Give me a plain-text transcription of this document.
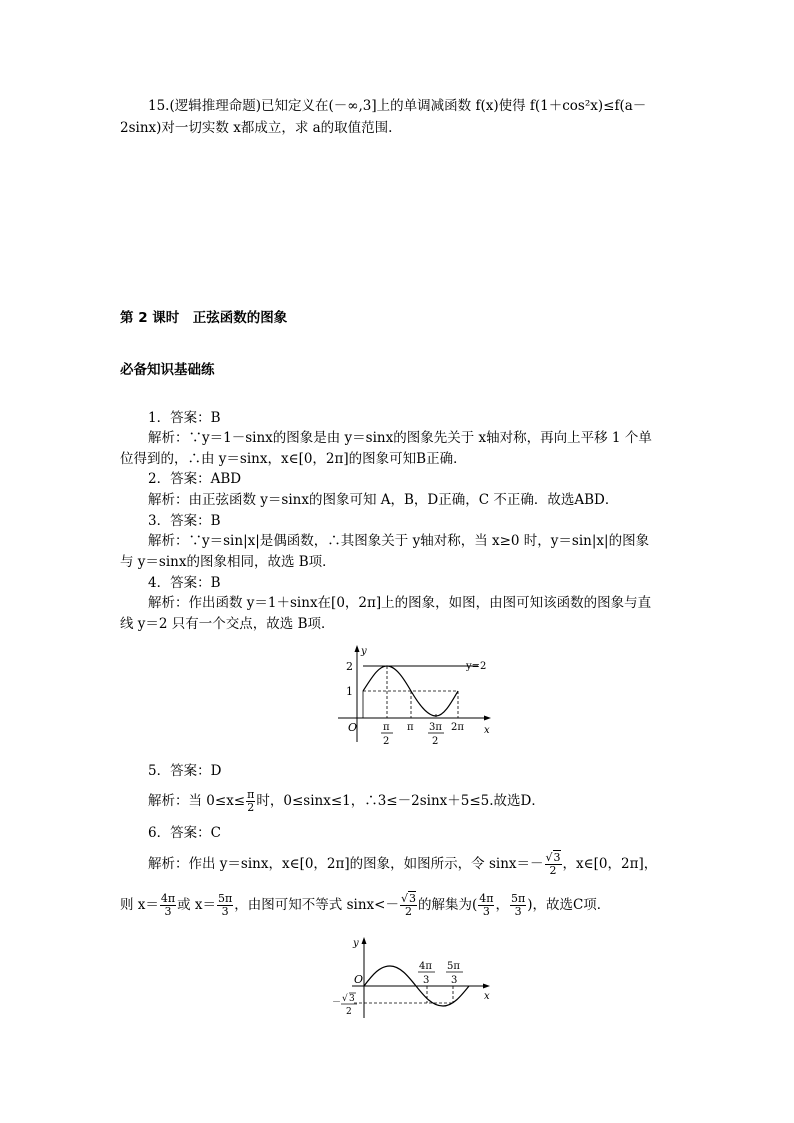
15.(逻辑推理命题)已知定义在(－∞,3]上的单调减函数 f(x)使得 f(1＋cos²x)≤f(a－
2sinx)对一切实数 x都成立，求 a的取值范围.
第 2 课时　正弦函数的图象
必备知识基础练
1．答案：B
解析：∵y＝1－sinx的图象是由 y＝sinx的图象先关于 x轴对称，再向上平移 1 个单
位得到的，∴由 y＝sinx，x∈[0，2π]的图象可知B正确．
2．答案：ABD
解析：由正弦函数 y＝sinx的图象可知 A，B，D正确，C 不正确．故选ABD．
3．答案：B
解析：∵y＝sin|x|是偶函数，∴其图象关于 y轴对称，当 x≥0 时，y＝sin|x|的图象
与 y＝sinx的图象相同，故选 B项．
4．答案：B
解析：作出函数 y＝1＋sinx在[0，2π]上的图象，如图，由图可知该函数的图象与直
线 y＝2 只有一个交点，故选 B项．
y
x
O
2
1
y=2
π
2
π 3π
2
2π
5．答案：D
解析：当 $0\le x\le \frac{\pi}{2}$ 时，0≤sinx≤1，∴3≤－2sinx＋5≤5.故选D．
6．答案：C
解析：作出 y＝sinx，x∈[0，2π]的图象，如图所示，令 $\sin x=- \frac{√3}{2}$ ，x∈[0，2π]，
则 $x= \frac{4\pi}{3}$ 或 $x= \frac{5\pi}{3}$ ，由图可知不等式 $\sin x<- \frac{√3}{2}$ 的解集为( $\frac{4\pi}{3}$ ， $\frac{5\pi}{3}$ )，故选C项．
y
x
O
4π
3
5π
3
－ √ 3
2
